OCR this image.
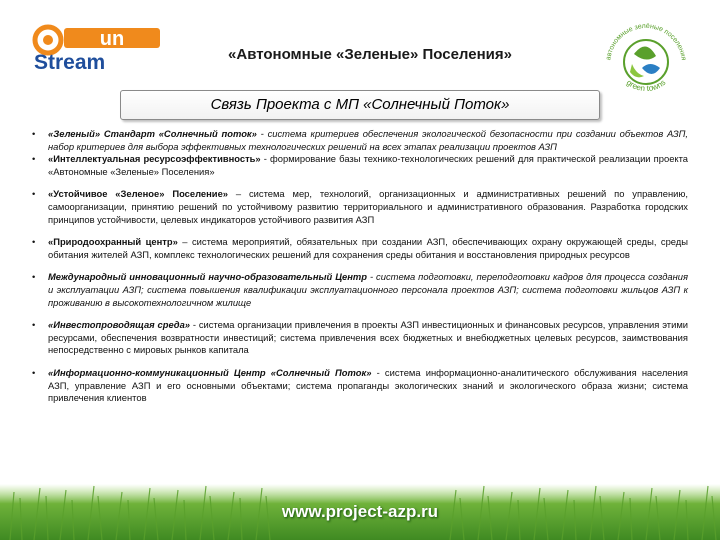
un
Stream	«Автономные «Зеленые» Поселения»	автономные зелёные поселения
green towns
Связь Проекта с МП «Солнечный Поток»
• «Зеленый» Стандарт «Солнечный поток» - система критериев обеспечения экологической безопасности при создании объектов АЗП, набор критериев для выбора эффективных технологических решений на всех этапах реализации проектов АЗП
• «Интеллектуальная ресурсоэффективность» - формирование базы технико-технологических решений для практической реализации проекта «Автономные «Зеленые» Поселения»
• «Устойчивое «Зеленое» Поселение» – система мер, технологий, организационных и административных решений по управлению, самоорганизации, принятию решений по устойчивому развитию территориального и административного образования. Разработка городских принципов устойчивости, целевых индикаторов устойчивого развития АЗП
• «Природоохранный центр» – система мероприятий, обязательных при создании АЗП, обеспечивающих охрану окружающей среды, среды обитания жителей АЗП, комплекс технологических решений для сохранения среды обитания и восстановления природных ресурсов
• Международный инновационный научно-образовательный Центр - система подготовки, переподготовки кадров для процесса создания и эксплуатации АЗП; система повышения квалификации эксплуатационного персонала проектов АЗП; система подготовки жильцов АЗП к проживанию в высокотехнологичном жилище
• «Инвестопроводящая среда» - система организации привлечения в проекты АЗП инвестиционных и финансовых ресурсов, управления этими ресурсами, обеспечения возвратности инвестиций; система привлечения всех бюджетных и внебюджетных целевых ресурсов, заимствования непосредственно с мировых рынков капитала
• «Информационно-коммуникационный Центр «Солнечный Поток» - система информационно-аналитического обслуживания населения АЗП, управление АЗП и его основными объектами; система пропаганды экологических знаний и экологического образа жизни; система привлечения клиентов
www.project-azp.ru
